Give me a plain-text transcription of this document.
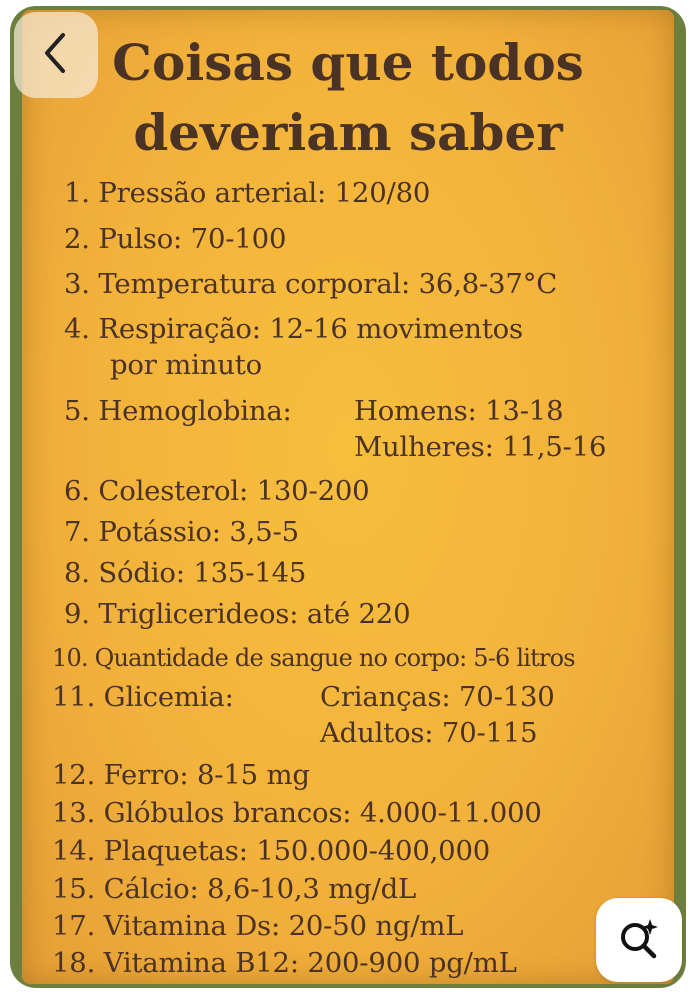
Coisas que todos
deveriam saber
1. Pressão arterial: 120/80
2. Pulso: 70-100
3. Temperatura corporal: 36,8-37°C
4. Respiração: 12-16 movimentos
por minuto
5. Hemoglobina: Homens: 13-18
Mulheres: 11,5-16
6. Colesterol: 130-200
7. Potássio: 3,5-5
8. Sódio: 135-145
9. Triglicerideos: até 220
10. Quantidade de sangue no corpo: 5-6 litros
11. Glicemia:	Crianças: 70-130
Adultos: 70-115
12. Ferro: 8-15 mg
13. Glóbulos brancos: 4.000-11.000
14. Plaquetas: 150.000-400,000
15. Cálcio: 8,6-10,3 mg/dL
17. Vitamina Ds: 20-50 ng/mL
18. Vitamina B12: 200-900 pg/mL
